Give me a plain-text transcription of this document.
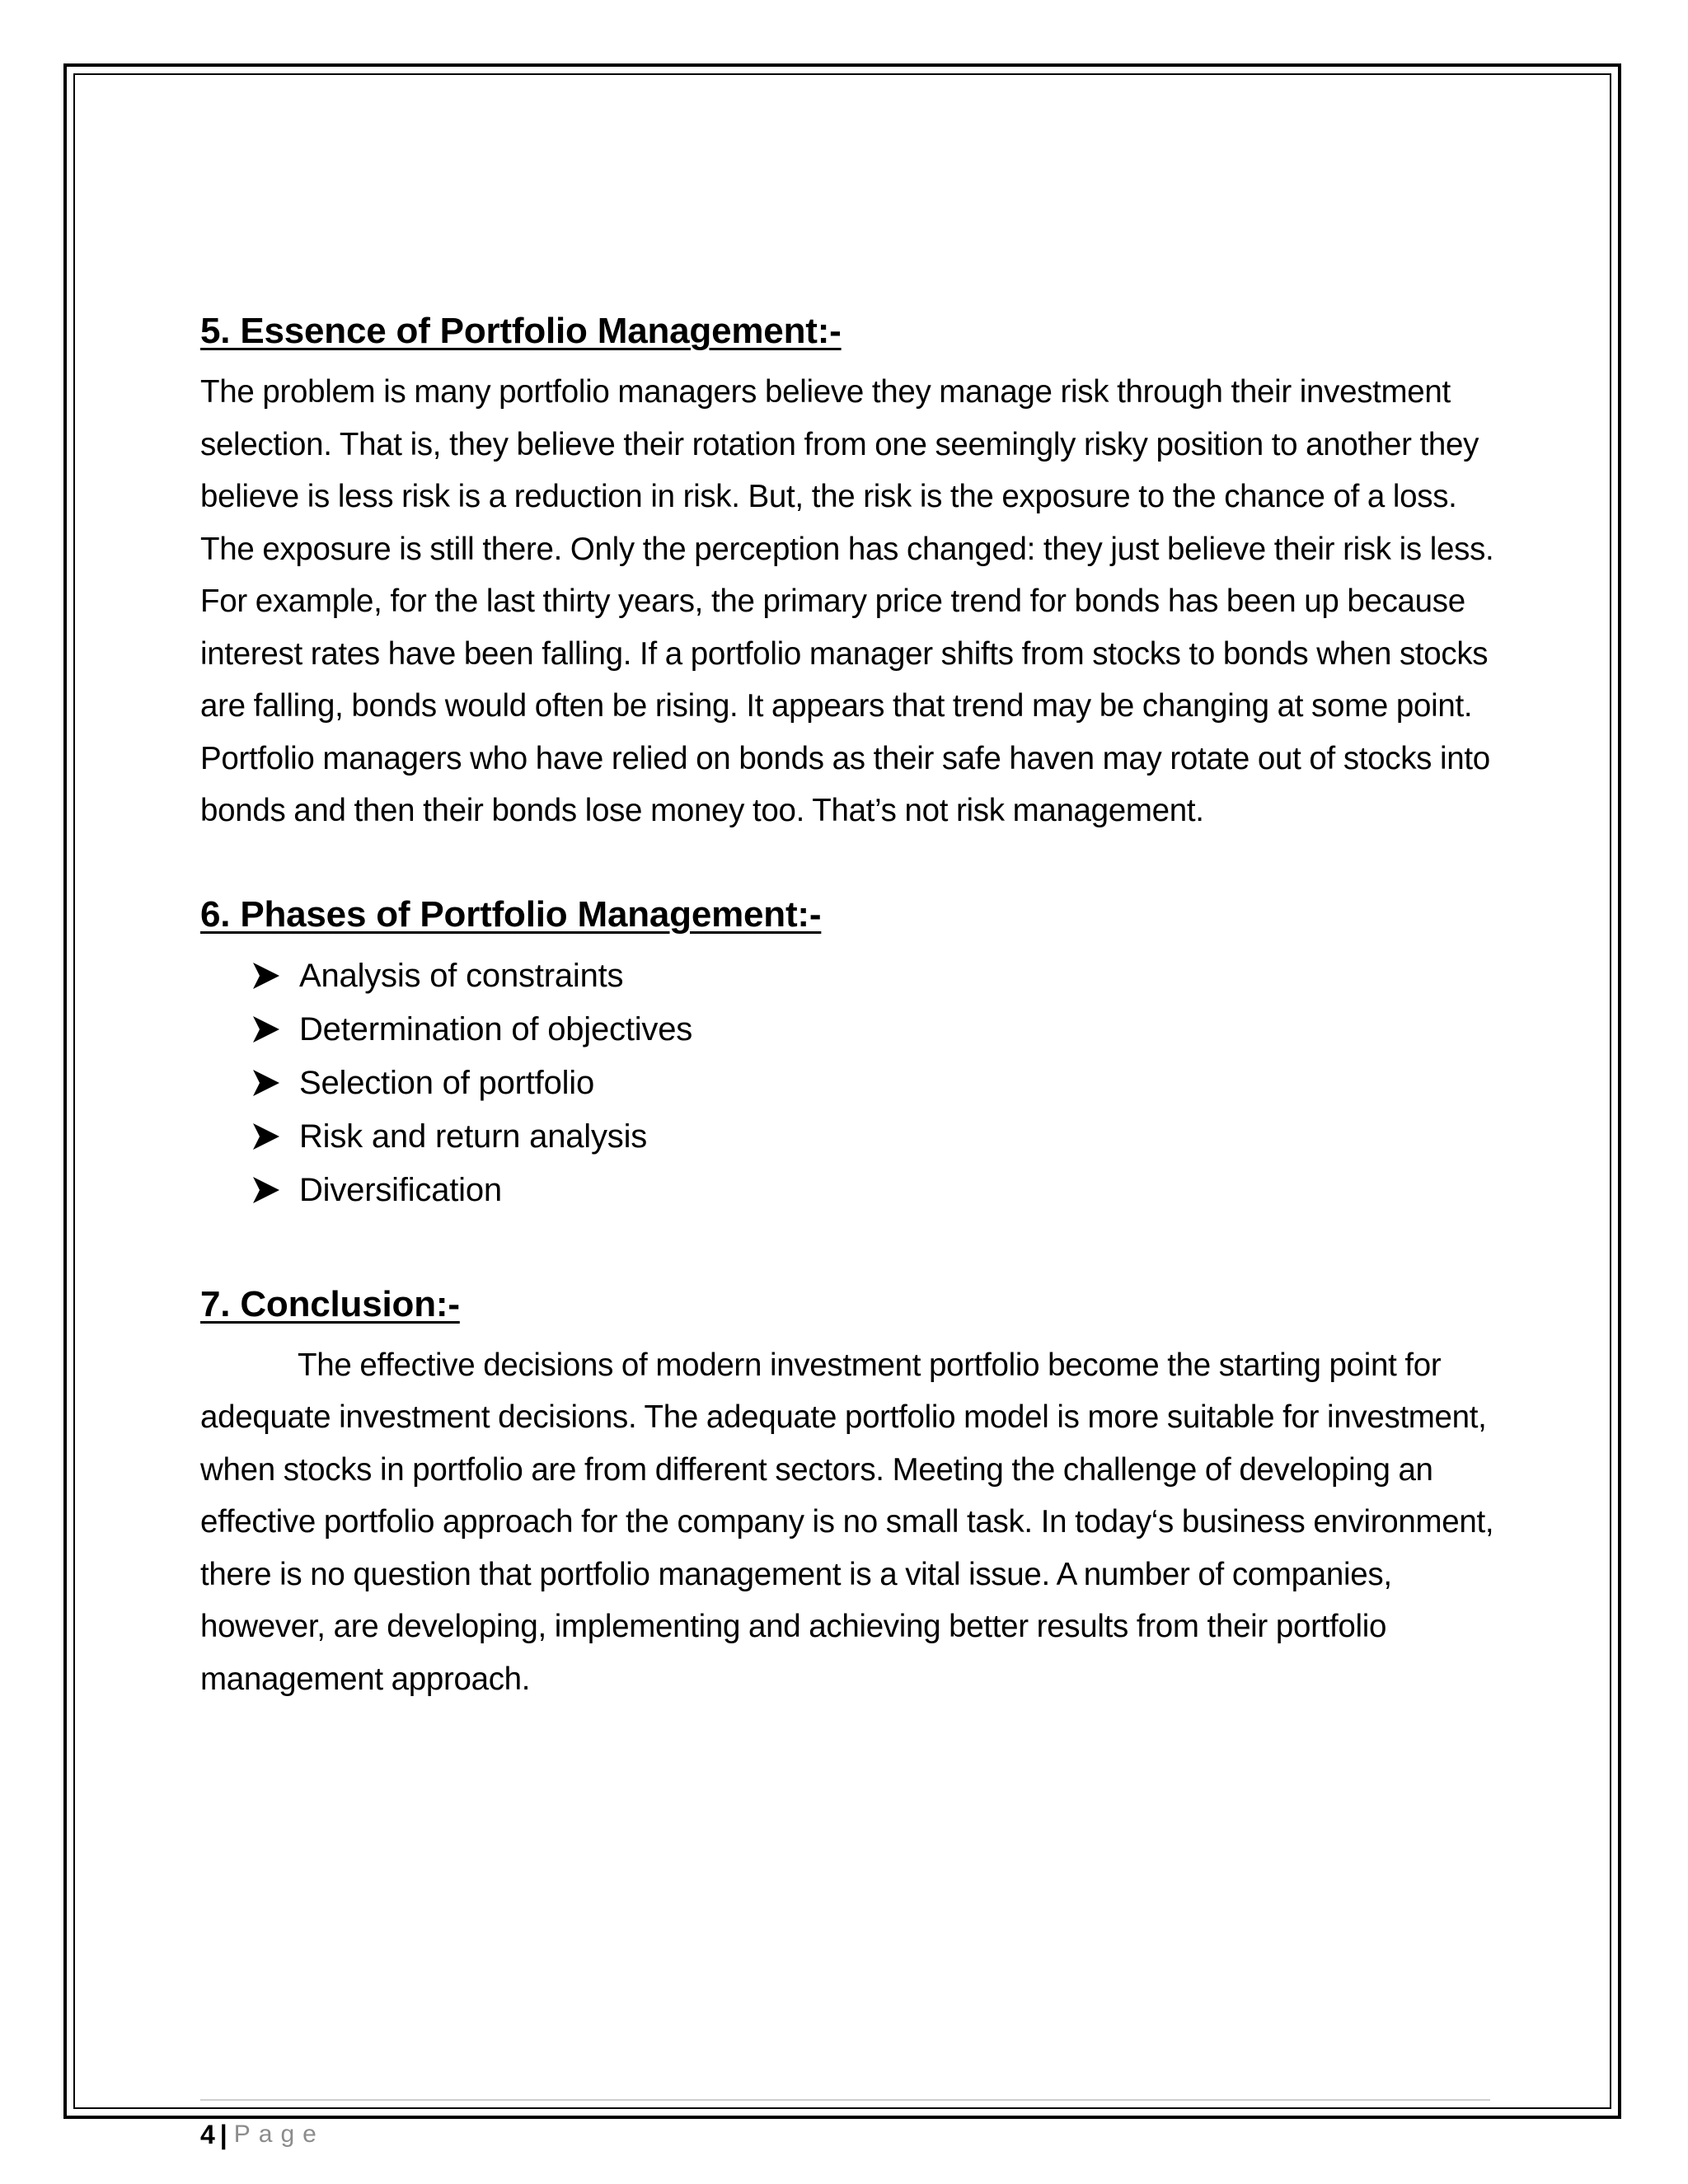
5. Essence of Portfolio Management:-

The problem is many portfolio managers believe they manage risk through their investment selection. That is, they believe their rotation from one seemingly risky position to another they believe is less risk is a reduction in risk. But, the risk is the exposure to the chance of a loss. The exposure is still there. Only the perception has changed: they just believe their risk is less. For example, for the last thirty years, the primary price trend for bonds has been up because interest rates have been falling. If a portfolio manager shifts from stocks to bonds when stocks are falling, bonds would often be rising. It appears that trend may be changing at some point. Portfolio managers who have relied on bonds as their safe haven may rotate out of stocks into bonds and then their bonds lose money too. That’s not risk management.

6. Phases of Portfolio Management:-
Analysis of constraints
Determination of objectives
Selection of portfolio
Risk and return analysis
Diversification
7. Conclusion:-

The effective decisions of modern investment portfolio become the starting point for adequate investment decisions. The adequate portfolio model is more suitable for investment, when stocks in portfolio are from different sectors. Meeting the challenge of developing an effective portfolio approach for the company is no small task. In today‘s business environment, there is no question that portfolio management is a vital issue. A number of companies, however, are developing, implementing and achieving better results from their portfolio management approach.

4 | Page
